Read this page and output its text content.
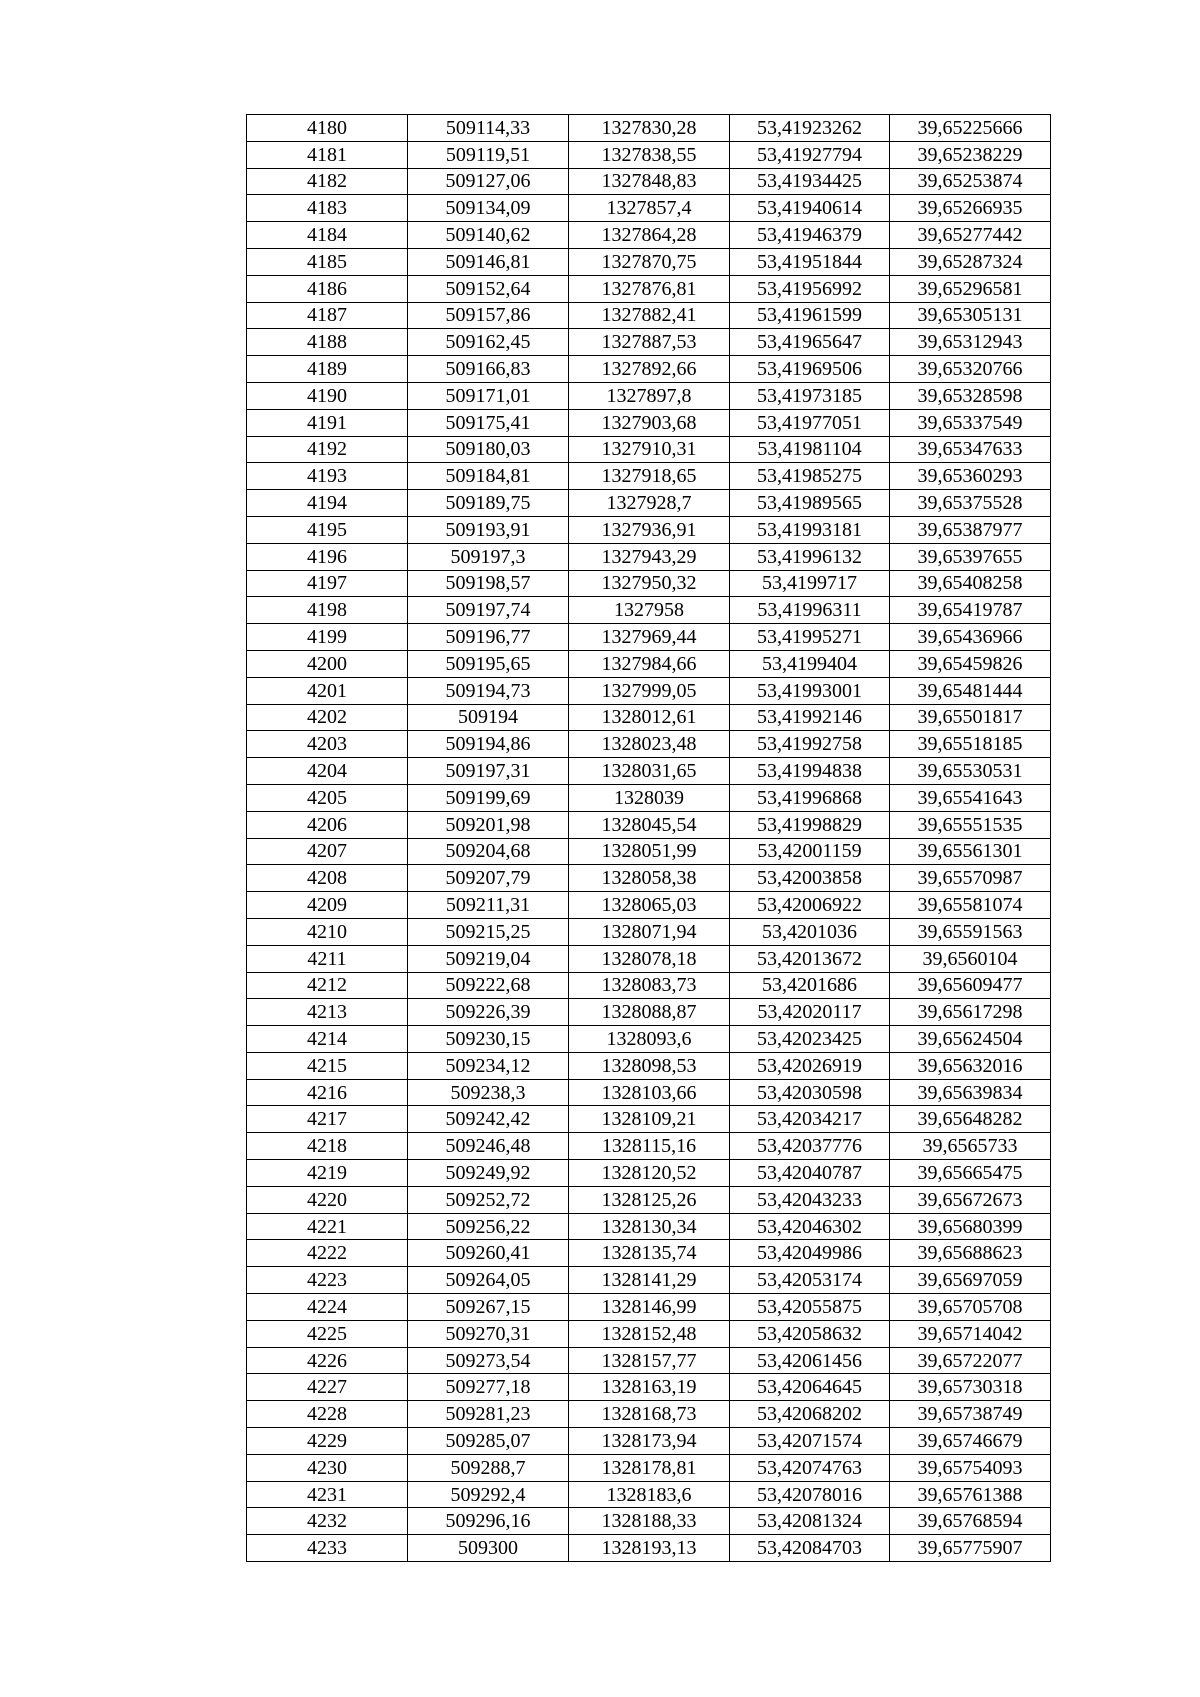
4180	509114,33	1327830,28	53,41923262	39,65225666
4181	509119,51	1327838,55	53,41927794	39,65238229
4182	509127,06	1327848,83	53,41934425	39,65253874
4183	509134,09	1327857,4	53,41940614	39,65266935
4184	509140,62	1327864,28	53,41946379	39,65277442
4185	509146,81	1327870,75	53,41951844	39,65287324
4186	509152,64	1327876,81	53,41956992	39,65296581
4187	509157,86	1327882,41	53,41961599	39,65305131
4188	509162,45	1327887,53	53,41965647	39,65312943
4189	509166,83	1327892,66	53,41969506	39,65320766
4190	509171,01	1327897,8	53,41973185	39,65328598
4191	509175,41	1327903,68	53,41977051	39,65337549
4192	509180,03	1327910,31	53,41981104	39,65347633
4193	509184,81	1327918,65	53,41985275	39,65360293
4194	509189,75	1327928,7	53,41989565	39,65375528
4195	509193,91	1327936,91	53,41993181	39,65387977
4196	509197,3	1327943,29	53,41996132	39,65397655
4197	509198,57	1327950,32	53,4199717	39,65408258
4198	509197,74	1327958	53,41996311	39,65419787
4199	509196,77	1327969,44	53,41995271	39,65436966
4200	509195,65	1327984,66	53,4199404	39,65459826
4201	509194,73	1327999,05	53,41993001	39,65481444
4202	509194	1328012,61	53,41992146	39,65501817
4203	509194,86	1328023,48	53,41992758	39,65518185
4204	509197,31	1328031,65	53,41994838	39,65530531
4205	509199,69	1328039	53,41996868	39,65541643
4206	509201,98	1328045,54	53,41998829	39,65551535
4207	509204,68	1328051,99	53,42001159	39,65561301
4208	509207,79	1328058,38	53,42003858	39,65570987
4209	509211,31	1328065,03	53,42006922	39,65581074
4210	509215,25	1328071,94	53,4201036	39,65591563
4211	509219,04	1328078,18	53,42013672	39,6560104
4212	509222,68	1328083,73	53,4201686	39,65609477
4213	509226,39	1328088,87	53,42020117	39,65617298
4214	509230,15	1328093,6	53,42023425	39,65624504
4215	509234,12	1328098,53	53,42026919	39,65632016
4216	509238,3	1328103,66	53,42030598	39,65639834
4217	509242,42	1328109,21	53,42034217	39,65648282
4218	509246,48	1328115,16	53,42037776	39,6565733
4219	509249,92	1328120,52	53,42040787	39,65665475
4220	509252,72	1328125,26	53,42043233	39,65672673
4221	509256,22	1328130,34	53,42046302	39,65680399
4222	509260,41	1328135,74	53,42049986	39,65688623
4223	509264,05	1328141,29	53,42053174	39,65697059
4224	509267,15	1328146,99	53,42055875	39,65705708
4225	509270,31	1328152,48	53,42058632	39,65714042
4226	509273,54	1328157,77	53,42061456	39,65722077
4227	509277,18	1328163,19	53,42064645	39,65730318
4228	509281,23	1328168,73	53,42068202	39,65738749
4229	509285,07	1328173,94	53,42071574	39,65746679
4230	509288,7	1328178,81	53,42074763	39,65754093
4231	509292,4	1328183,6	53,42078016	39,65761388
4232	509296,16	1328188,33	53,42081324	39,65768594
4233	509300	1328193,13	53,42084703	39,65775907
